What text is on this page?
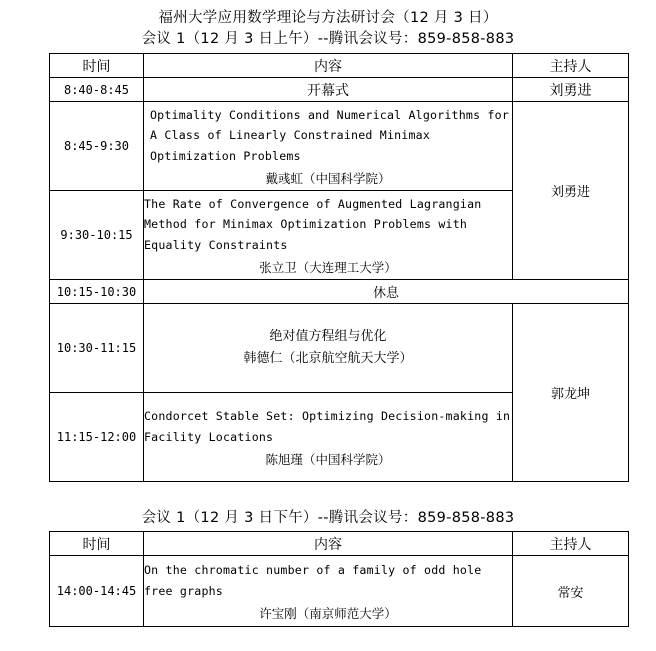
福州大学应用数学理论与方法研讨会（12 月 3 日）
会议 1（12 月 3 日上午）--腾讯会议号：859-858-883
时间	内容	主持人
8:40-8:45	开幕式	刘勇进
8:45-9:30	Optimality Conditions and Numerical Algorithms for A Class of Linearly Constrained Minimax Optimization Problems
戴彧虹（中国科学院）	刘勇进
9:30-10:15	The Rate of Convergence of Augmented Lagrangian Method for Minimax Optimization Problems with Equality Constraints
张立卫（大连理工大学）	

10:15-10:30	休息	
10:30-11:15	绝对值方程组与优化
韩德仁（北京航空航天大学）	郭龙坤
11:15-12:00	Condorcet Stable Set: Optimizing Decision-making in Facility Locations
陈旭瑾（中国科学院）	
会议 1（12 月 3 日下午）--腾讯会议号：859-858-883
时间	内容	主持人
14:00-14:45	On the chromatic number of a family of odd hole free graphs
许宝刚（南京师范大学）	常安
